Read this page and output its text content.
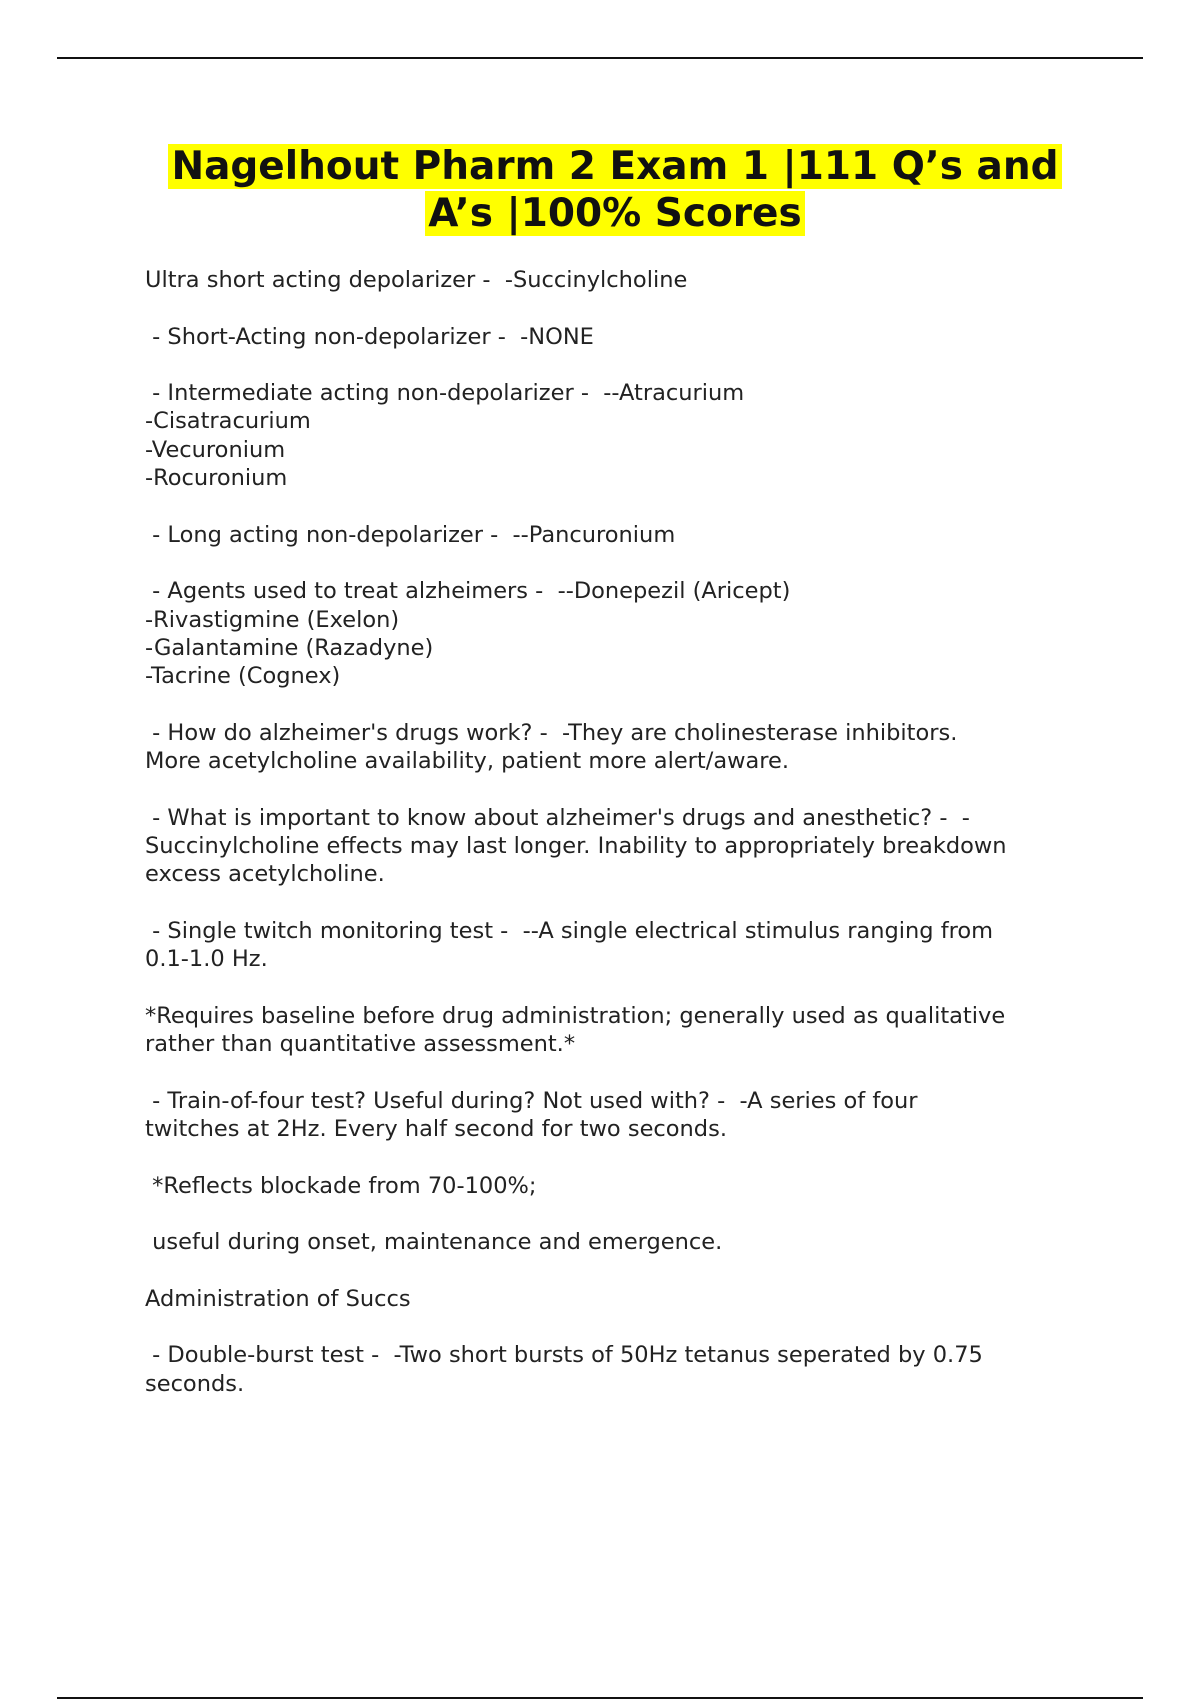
Nagelhout Pharm 2 Exam 1 |111 Q’s and
A’s |100% Scores
Ultra short acting depolarizer -  -Succinylcholine
- Short-Acting non-depolarizer -  -NONE
- Intermediate acting non-depolarizer -  --Atracurium
-Cisatracurium
-Vecuronium
-Rocuronium
- Long acting non-depolarizer -  --Pancuronium
- Agents used to treat alzheimers -  --Donepezil (Aricept)
-Rivastigmine (Exelon)
-Galantamine (Razadyne)
-Tacrine (Cognex)
- How do alzheimer's drugs work? -  -They are cholinesterase inhibitors.
More acetylcholine availability, patient more alert/aware.
- What is important to know about alzheimer's drugs and anesthetic? -  -
Succinylcholine effects may last longer. Inability to appropriately breakdown
excess acetylcholine.
- Single twitch monitoring test -  --A single electrical stimulus ranging from
0.1-1.0 Hz.
*Requires baseline before drug administration; generally used as qualitative
rather than quantitative assessment.*
- Train-of-four test? Useful during? Not used with? -  -A series of four
twitches at 2Hz. Every half second for two seconds.
*Reflects blockade from 70-100%;
useful during onset, maintenance and emergence.
Administration of Succs
- Double-burst test -  -Two short bursts of 50Hz tetanus seperated by 0.75
seconds.
